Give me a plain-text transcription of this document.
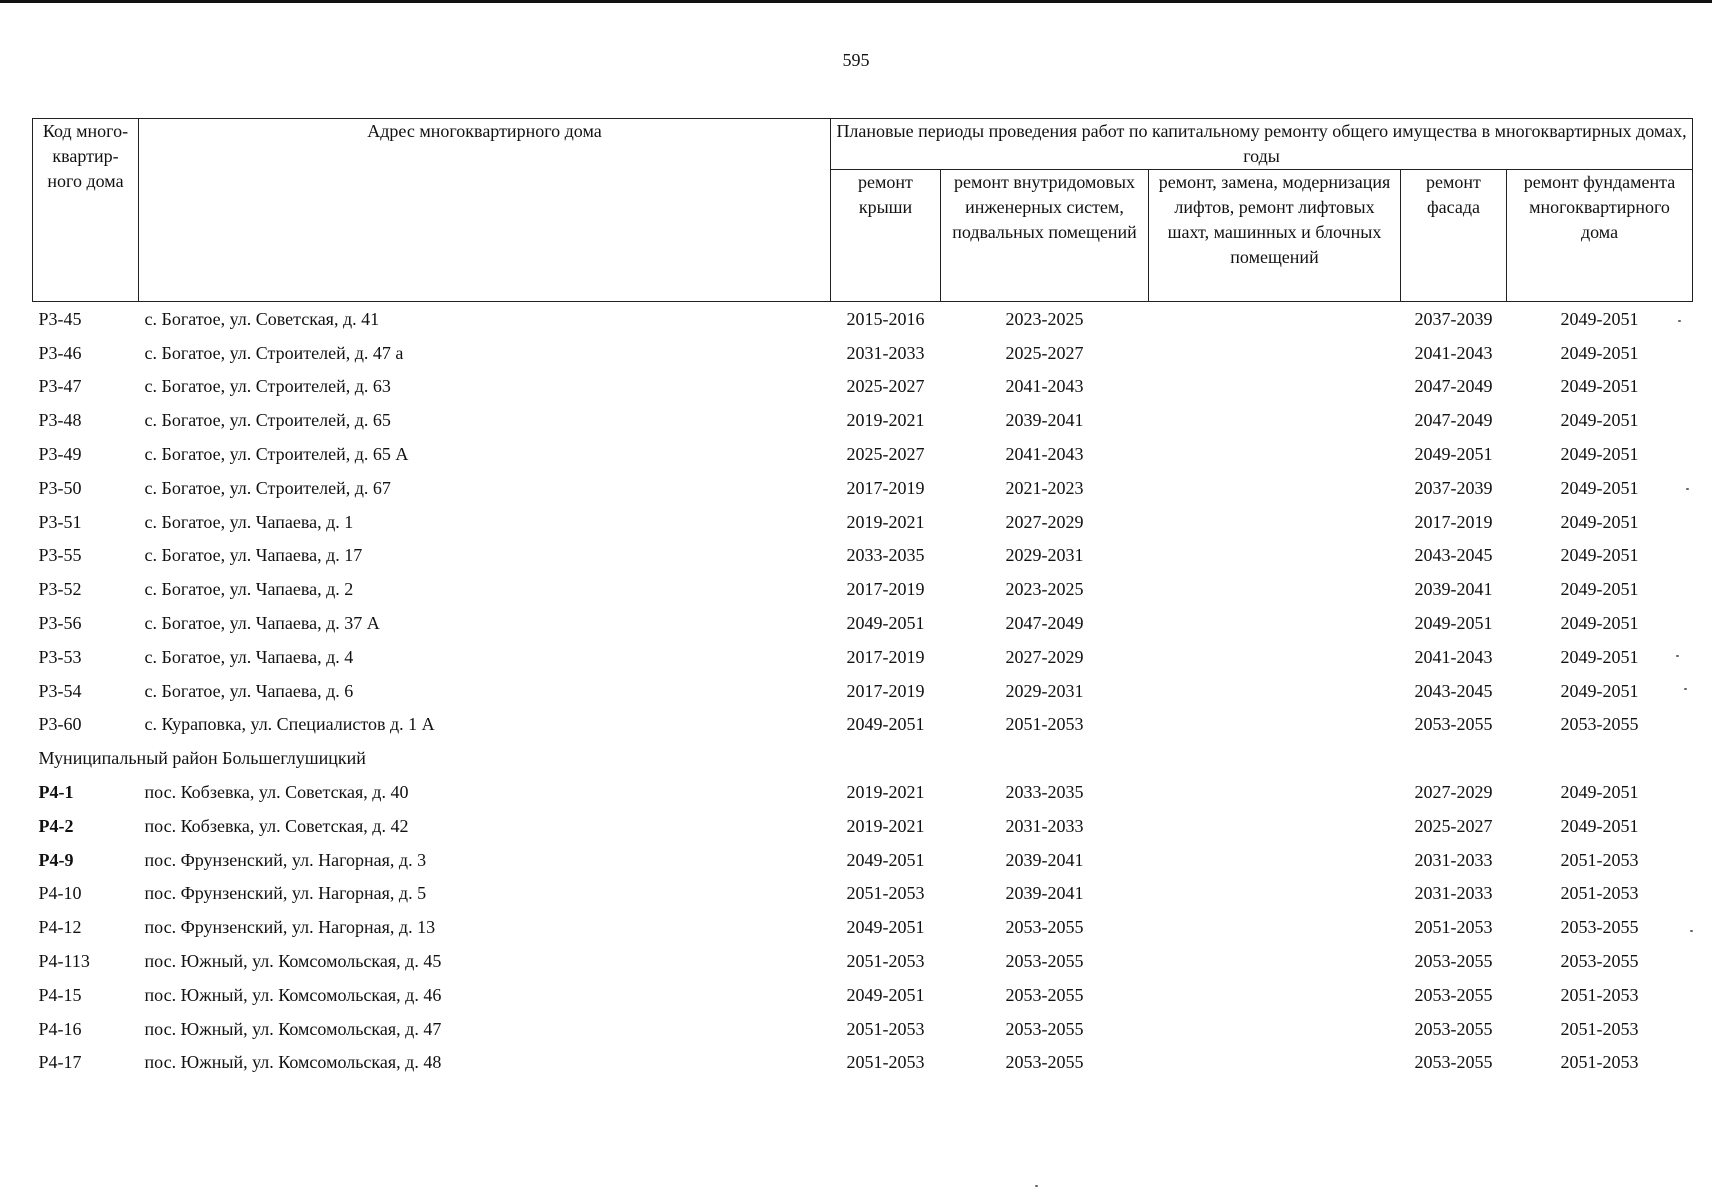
595
Код много-
квартир-
ного дома	Адрес многоквартирного дома	Плановые периоды проведения работ по капитальному ремонту общего имущества в многоквартирных домах, годы				
		ремонт крыши	ремонт внутридомовых инженерных систем, подвальных помещений	ремонт, замена, модернизация лифтов, ремонт лифтовых шахт, машинных и блочных помещений	ремонт фасада	ремонт фундамента многоквартирного дома
Р3-45	с. Богатое, ул. Советская, д. 41	2015-2016	2023-2025		2037-2039	2049-2051
Р3-46	с. Богатое, ул. Строителей, д. 47 а	2031-2033	2025-2027		2041-2043	2049-2051
Р3-47	с. Богатое, ул. Строителей, д. 63	2025-2027	2041-2043		2047-2049	2049-2051
Р3-48	с. Богатое, ул. Строителей, д. 65	2019-2021	2039-2041		2047-2049	2049-2051
Р3-49	с. Богатое, ул. Строителей, д. 65 А	2025-2027	2041-2043		2049-2051	2049-2051
Р3-50	с. Богатое, ул. Строителей, д. 67	2017-2019	2021-2023		2037-2039	2049-2051
Р3-51	с. Богатое, ул. Чапаева, д. 1	2019-2021	2027-2029		2017-2019	2049-2051
Р3-55	с. Богатое, ул. Чапаева, д. 17	2033-2035	2029-2031		2043-2045	2049-2051
Р3-52	с. Богатое, ул. Чапаева, д. 2	2017-2019	2023-2025		2039-2041	2049-2051
Р3-56	с. Богатое, ул. Чапаева, д. 37 А	2049-2051	2047-2049		2049-2051	2049-2051
Р3-53	с. Богатое, ул. Чапаева, д. 4	2017-2019	2027-2029		2041-2043	2049-2051
Р3-54	с. Богатое, ул. Чапаева, д. 6	2017-2019	2029-2031		2043-2045	2049-2051
Р3-60	с. Кураповка, ул. Специалистов д. 1 А	2049-2051	2051-2053		2053-2055	2053-2055
Муниципальный район Большеглушицкий						
Р4-1	пос. Кобзевка, ул. Советская, д. 40	2019-2021	2033-2035		2027-2029	2049-2051
Р4-2	пос. Кобзевка, ул. Советская, д. 42	2019-2021	2031-2033		2025-2027	2049-2051
Р4-9	пос. Фрунзенский, ул. Нагорная, д. 3	2049-2051	2039-2041		2031-2033	2051-2053
Р4-10	пос. Фрунзенский, ул. Нагорная, д. 5	2051-2053	2039-2041		2031-2033	2051-2053
Р4-12	пос. Фрунзенский, ул. Нагорная, д. 13	2049-2051	2053-2055		2051-2053	2053-2055
Р4-113	пос. Южный, ул. Комсомольская, д. 45	2051-2053	2053-2055		2053-2055	2053-2055
Р4-15	пос. Южный, ул. Комсомольская, д. 46	2049-2051	2053-2055		2053-2055	2051-2053
Р4-16	пос. Южный, ул. Комсомольская, д. 47	2051-2053	2053-2055		2053-2055	2051-2053
Р4-17	пос. Южный, ул. Комсомольская, д. 48	2051-2053	2053-2055		2053-2055	2051-2053
